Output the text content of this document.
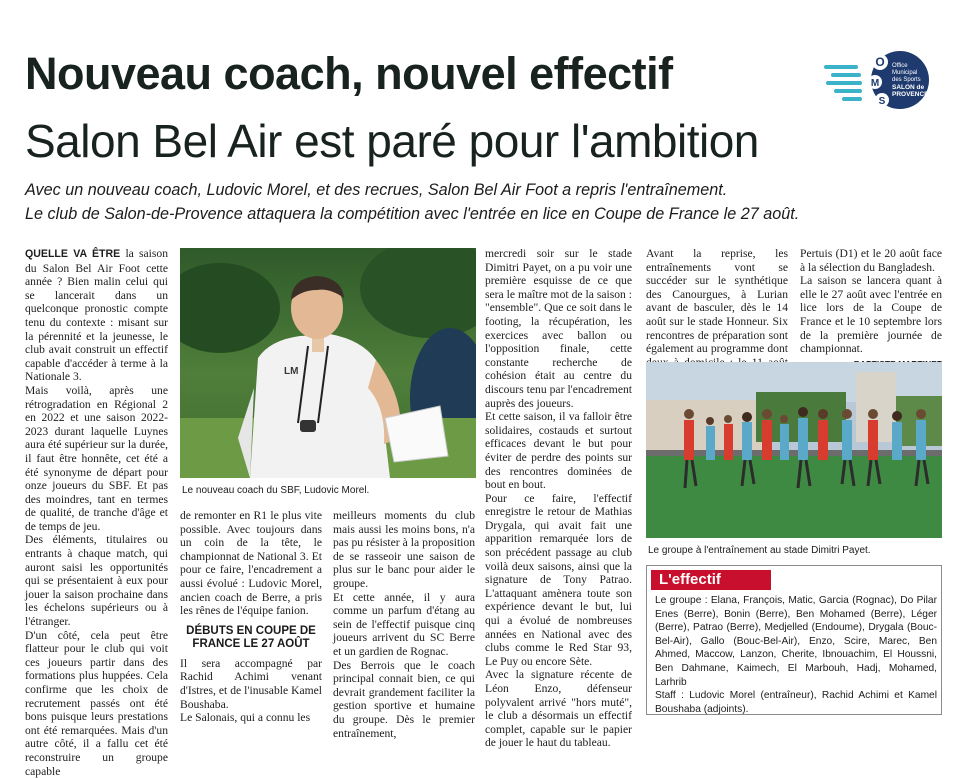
Nouveau coach, nouvel effectif
Salon Bel Air est paré pour l'ambition
O
M
S
Office
Municipal
des Sports
SALON de
PROVENCE

Avec un nouveau coach, Ludovic Morel, et des recrues, Salon Bel Air Foot a repris l'entraînement.

Le club de Salon-de-Provence attaquera la compétition avec l'entrée en lice en Coupe de France le 27 août.

QUELLE VA ÊTRE la saison du Salon Bel Air Foot cette année ? Bien malin celui qui se lancerait dans un quelconque pronostic compte tenu du contexte : misant sur la pérennité et la jeunesse, le club avait construit un effectif capable d'accéder à terme à la Nationale 3.

Mais voilà, après une rétrogradation en Régional 2 en 2022 et une saison 2022-2023 durant laquelle Luynes aura été supérieur sur la durée, il faut être honnête, cet été a été synonyme de départ pour onze joueurs du SBF. Et pas des moindres, tant en termes de qualité, de tranche d'âge et de temps de jeu.

Des éléments, titulaires ou entrants à chaque match, qui auront saisi les opportunités qui se présentaient à eux pour jouer la saison prochaine dans les échelons supérieurs ou à l'étranger.

D'un côté, cela peut être flatteur pour le club qui voit ces joueurs partir dans des formations plus huppées. Cela confirme que les choix de recrutement passés ont été bons puisque leurs prestations ont été remarquées. Mais d'un autre côté, il a fallu cet été reconstruire un groupe capable

LM
Le nouveau coach du SBF, Ludovic Morel.

de remonter en R1 le plus vite possible. Avec toujours dans un coin de la tête, le championnat de National 3. Et pour ce faire, l'encadrement a aussi évolué : Ludovic Morel, ancien coach de Berre, a pris les rênes de l'équipe fanion.

DÉBUTS EN COUPE DE FRANCE LE 27 AOÛT

Il sera accompagné par Rachid Achimi venant d'Istres, et de l'inusable Kamel Boushaba.

Le Salonais, qui a connu les

meilleurs moments du club mais aussi les moins bons, n'a pas pu résister à la proposition de se rasseoir une saison de plus sur le banc pour aider le groupe.

Et cette année, il y aura comme un parfum d'étang au sein de l'effectif puisque cinq joueurs arrivent du SC Berre et un gardien de Rognac.

Des Berrois que le coach principal connait bien, ce qui devrait grandement faciliter la gestion sportive et humaine du groupe. Dès le premier entraînement,

mercredi soir sur le stade Dimitri Payet, on a pu voir une première esquisse de ce que sera le maître mot de la saison : "ensemble". Que ce soit dans le footing, la récupération, les exercices avec ballon ou l'opposition finale, cette constante recherche de cohésion était au centre du discours tenu par l'encadrement auprès des joueurs.

Et cette saison, il va falloir être solidaires, costauds et surtout efficaces devant le but pour éviter de perdre des points sur des rencontres dominées de bout en bout.

Pour ce faire, l'effectif enregistre le retour de Mathias Drygala, qui avait fait une apparition remarquée lors de son précédent passage au club voilà deux saisons, ainsi que la signature de Tony Patrao. L'attaquant amènera toute son expérience devant le but, lui qui a évolué de nombreuses années en National avec des clubs comme le Red Star 93, Le Puy ou encore Sète.

Avec la signature récente de Léon Enzo, défenseur polyvalent arrivé "hors muté", le club a désormais un effectif complet, capable sur le papier de jouer le haut du tableau.

Avant la reprise, les entraînements vont se succéder sur le synthétique des Canourgues, à Lurian avant de basculer, dès le 14 août sur le stade Honneur. Six rencontres de préparation sont également au programme dont

Pertuis (D1) et le 20 août face à la sélection du Bangladesh.

La saison se lancera quant à elle le 27 août avec l'entrée en lice lors de la Coupe de France et le 10 septembre lors de la première journée de championnat.

Le groupe à l'entraînement au stade Dimitri Payet.
L'effectif

Le groupe : Elana, François, Matic, Garcia (Rognac), Do Pilar Enes (Berre), Bonin (Berre), Ben Mohamed (Berre), Léger (Berre), Patrao (Berre), Medjelled (Endoume), Drygala (Bouc-Bel-Air), Gallo (Bouc-Bel-Air), Enzo, Scire, Marec, Ben Ahmed, Maccow, Lanzon, Cherite, Ibnouachim, El Houssni, Ben Dahmane, Kaimech, El Marbouh, Hadj, Mohamed, Larhrib

Staff : Ludovic Morel (entraîneur), Rachid Achimi et Kamel Boushaba (adjoints).
